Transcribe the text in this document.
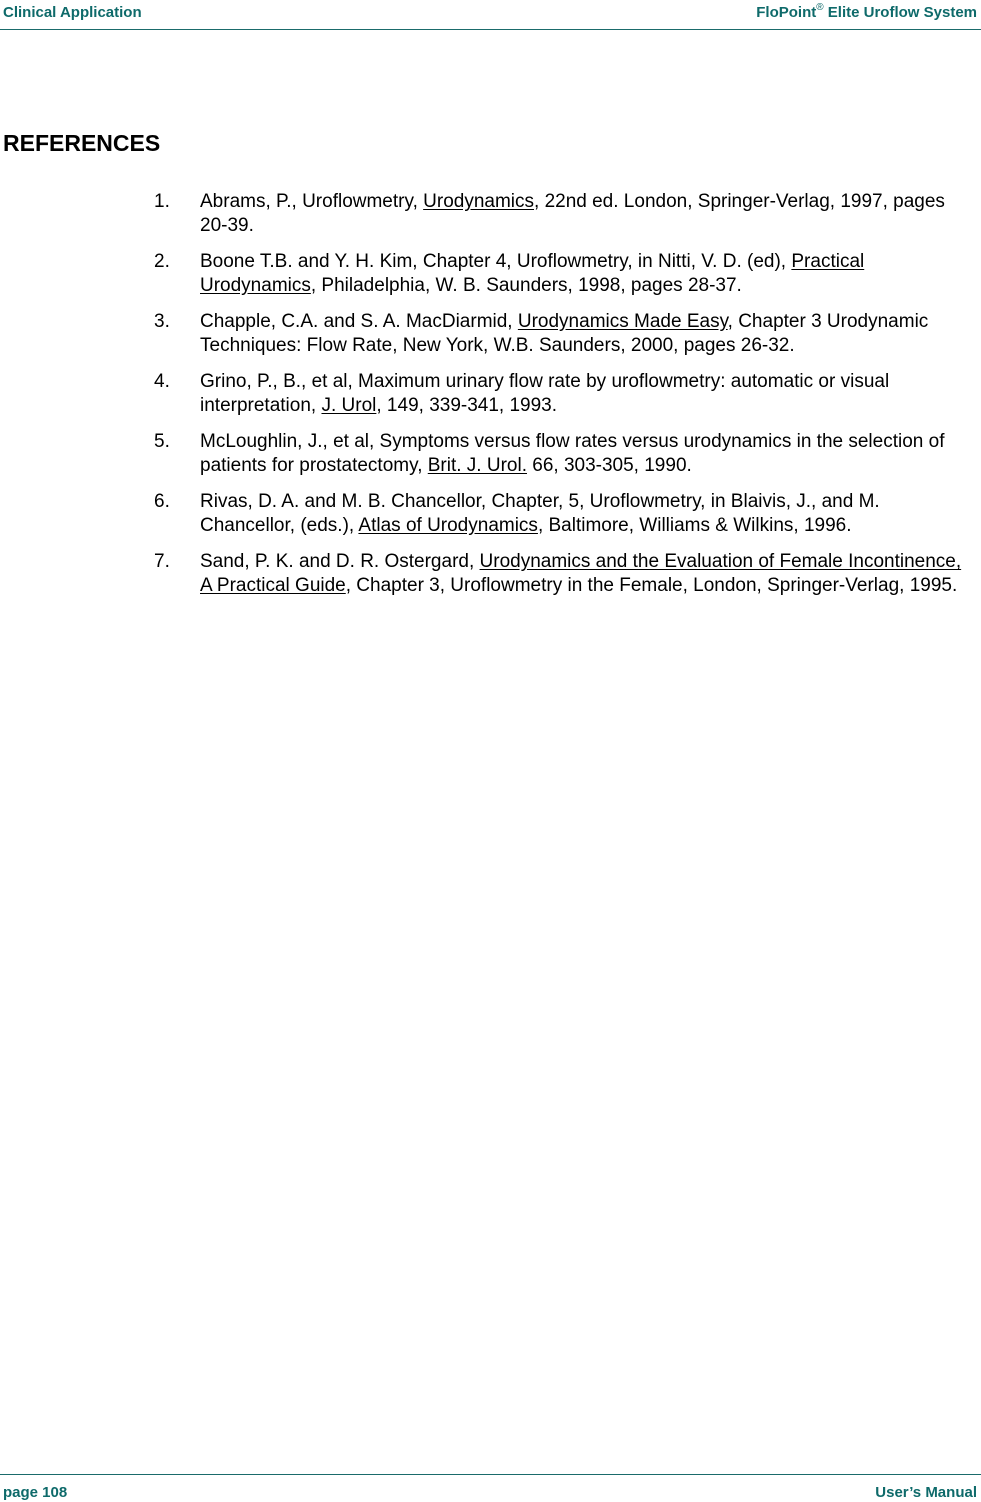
Clinical Application	FloPoint® Elite Uroflow System
REFERENCES
1. Abrams, P., Uroflowmetry, Urodynamics, 22nd ed. London, Springer-Verlag, 1997, pages 20-39.
2. Boone T.B. and Y. H. Kim, Chapter 4, Uroflowmetry, in Nitti, V. D. (ed), Practical Urodynamics, Philadelphia, W. B. Saunders, 1998, pages 28-37.
3. Chapple, C.A. and S. A. MacDiarmid, Urodynamics Made Easy, Chapter 3 Urodynamic Techniques: Flow Rate, New York, W.B. Saunders, 2000, pages 26-32.
4. Grino, P., B., et al, Maximum urinary flow rate by uroflowmetry: automatic or visual interpretation, J. Urol, 149, 339-341, 1993.
5. McLoughlin, J., et al, Symptoms versus flow rates versus urodynamics in the selection of patients for prostatectomy, Brit. J. Urol. 66, 303-305, 1990.
6. Rivas, D. A. and M. B. Chancellor, Chapter, 5, Uroflowmetry, in Blaivis, J., and M. Chancellor, (eds.), Atlas of Urodynamics, Baltimore, Williams & Wilkins, 1996.
7. Sand, P. K. and D. R. Ostergard, Urodynamics and the Evaluation of Female Incontinence, A Practical Guide, Chapter 3, Uroflowmetry in the Female, London, Springer-Verlag, 1995.
page 108	User’s Manual
